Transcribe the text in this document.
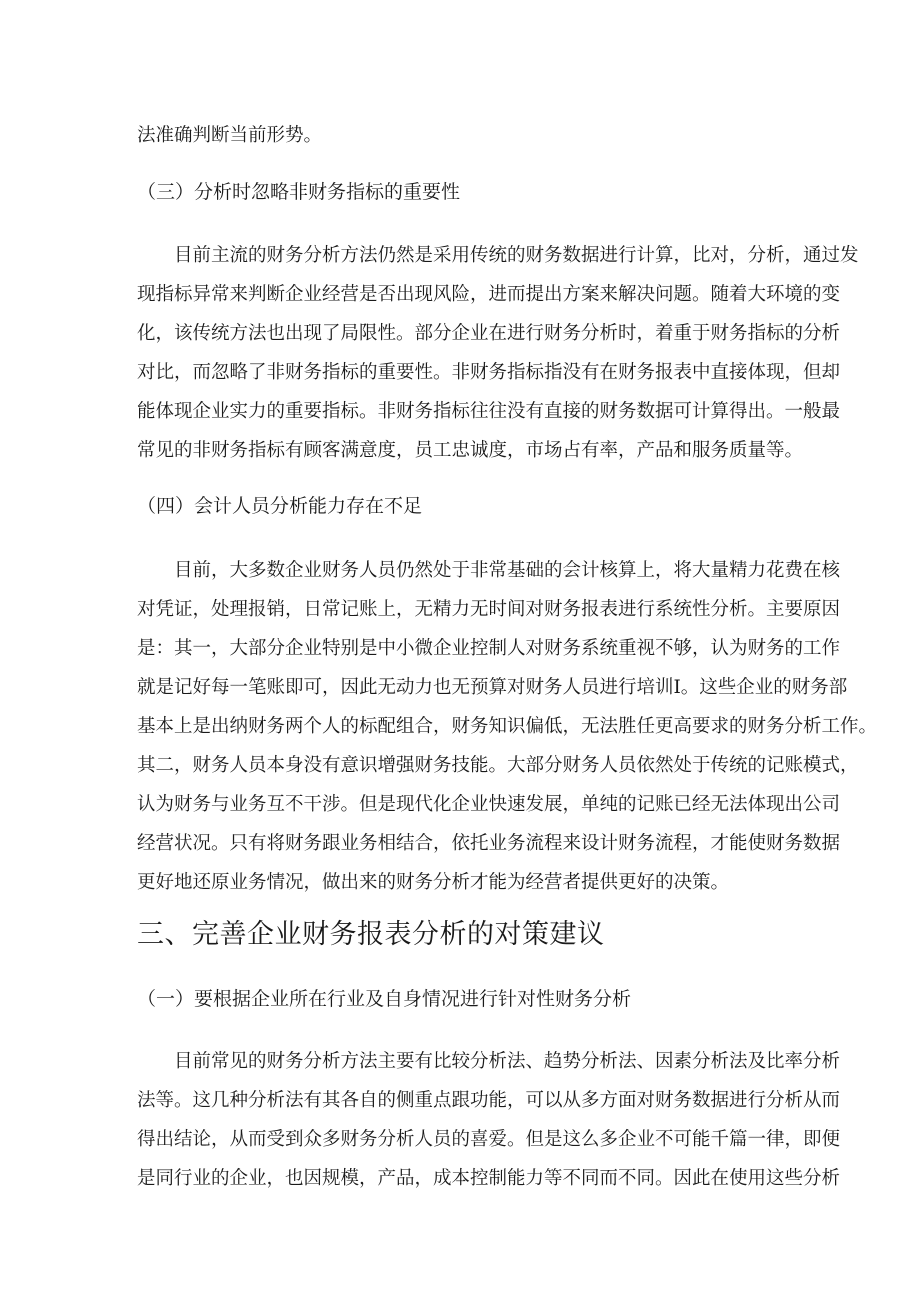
法准确判断当前形势。
（三）分析时忽略非财务指标的重要性
目前主流的财务分析方法仍然是采用传统的财务数据进行计算，比对，分析，通过发
现指标异常来判断企业经营是否出现风险，进而提出方案来解决问题。随着大环境的变
化，该传统方法也出现了局限性。部分企业在进行财务分析时，着重于财务指标的分析
对比，而忽略了非财务指标的重要性。非财务指标指没有在财务报表中直接体现，但却
能体现企业实力的重要指标。非财务指标往往没有直接的财务数据可计算得出。一般最
常见的非财务指标有顾客满意度，员工忠诚度，市场占有率，产品和服务质量等。
（四）会计人员分析能力存在不足
目前，大多数企业财务人员仍然处于非常基础的会计核算上，将大量精力花费在核
对凭证，处理报销，日常记账上，无精力无时间对财务报表进行系统性分析。主要原因
是：其一，大部分企业特别是中小微企业控制人对财务系统重视不够，认为财务的工作
就是记好每一笔账即可，因此无动力也无预算对财务人员进行培训Ⅰ。这些企业的财务部
基本上是出纳财务两个人的标配组合，财务知识偏低，无法胜任更高要求的财务分析工作。
其二，财务人员本身没有意识增强财务技能。大部分财务人员依然处于传统的记账模式，
认为财务与业务互不干涉。但是现代化企业快速发展，单纯的记账已经无法体现出公司
经营状况。只有将财务跟业务相结合，依托业务流程来设计财务流程，才能使财务数据
更好地还原业务情况，做出来的财务分析才能为经营者提供更好的决策。
三、完善企业财务报表分析的对策建议
（一）要根据企业所在行业及自身情况进行针对性财务分析
目前常见的财务分析方法主要有比较分析法、趋势分析法、因素分析法及比率分析
法等。这几种分析法有其各自的侧重点跟功能，可以从多方面对财务数据进行分析从而
得出结论，从而受到众多财务分析人员的喜爱。但是这么多企业不可能千篇一律，即便
是同行业的企业，也因规模，产品，成本控制能力等不同而不同。因此在使用这些分析
